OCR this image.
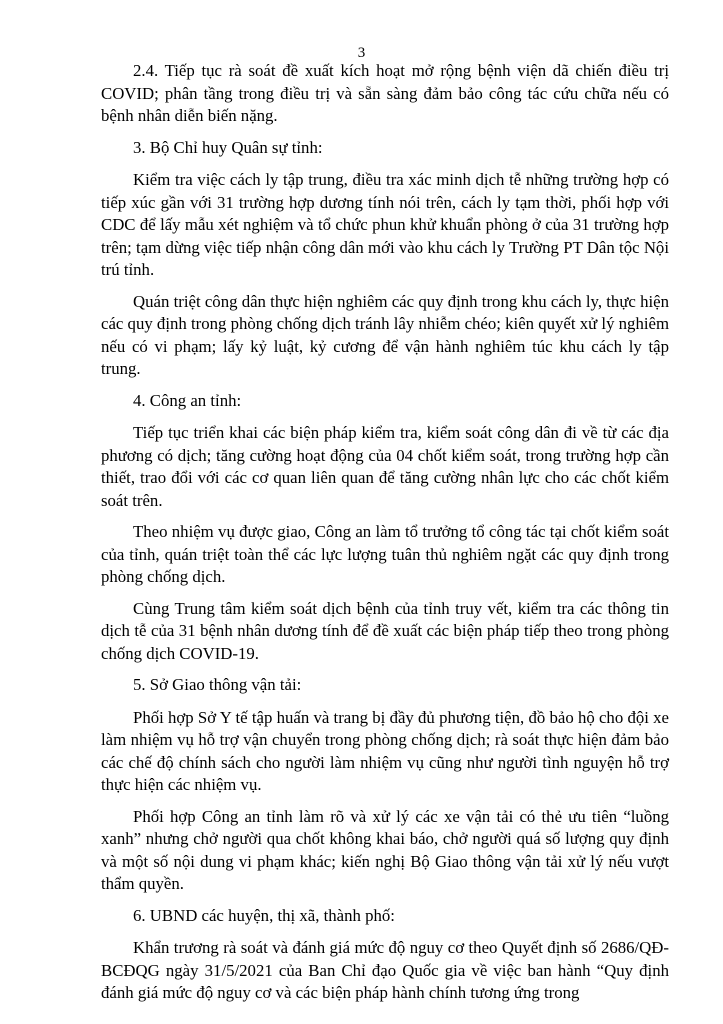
3

2.4. Tiếp tục rà soát đề xuất kích hoạt mở rộng bệnh viện dã chiến điều trị COVID; phân tầng trong điều trị và sẵn sàng đảm bảo công tác cứu chữa nếu có bệnh nhân diễn biến nặng.

3. Bộ Chỉ huy Quân sự tỉnh:

Kiểm tra việc cách ly tập trung, điều tra xác minh dịch tễ những trường hợp có tiếp xúc gần với 31 trường hợp dương tính nói trên, cách ly tạm thời, phối hợp với CDC để lấy mẫu xét nghiệm và tổ chức phun khử khuẩn phòng ở của 31 trường hợp trên; tạm dừng việc tiếp nhận công dân mới vào khu cách ly Trường PT Dân tộc Nội trú tỉnh.

Quán triệt công dân thực hiện nghiêm các quy định trong khu cách ly, thực hiện các quy định trong phòng chống dịch tránh lây nhiễm chéo; kiên quyết xử lý nghiêm nếu có vi phạm; lấy kỷ luật, kỷ cương để vận hành nghiêm túc khu cách ly tập trung.

4. Công an tỉnh:

Tiếp tục triển khai các biện pháp kiểm tra, kiểm soát công dân đi về từ các địa phương có dịch; tăng cường hoạt động của 04 chốt kiểm soát, trong trường hợp cần thiết, trao đổi với các cơ quan liên quan để tăng cường nhân lực cho các chốt kiểm soát trên.

Theo nhiệm vụ được giao, Công an làm tổ trưởng tổ công tác tại chốt kiểm soát của tỉnh, quán triệt toàn thể các lực lượng tuân thủ nghiêm ngặt các quy định trong phòng chống dịch.

Cùng Trung tâm kiểm soát dịch bệnh của tỉnh truy vết, kiểm tra các thông tin dịch tễ của 31 bệnh nhân dương tính để đề xuất các biện pháp tiếp theo trong phòng chống dịch COVID-19.

5. Sở Giao thông vận tải:

Phối hợp Sở Y tế tập huấn và trang bị đầy đủ phương tiện, đồ bảo hộ cho đội xe làm nhiệm vụ hỗ trợ vận chuyển trong phòng chống dịch; rà soát thực hiện đảm bảo các chế độ chính sách cho người làm nhiệm vụ cũng như người tình nguyện hỗ trợ thực hiện các nhiệm vụ.

Phối hợp Công an tỉnh làm rõ và xử lý các xe vận tải có thẻ ưu tiên “luồng xanh” nhưng chở người qua chốt không khai báo, chở người quá số lượng quy định và một số nội dung vi phạm khác; kiến nghị Bộ Giao thông vận tải xử lý nếu vượt thẩm quyền.

6. UBND các huyện, thị xã, thành phố:

Khẩn trương rà soát và đánh giá mức độ nguy cơ theo Quyết định số 2686/QĐ-BCĐQG ngày 31/5/2021 của Ban Chỉ đạo Quốc gia về việc ban hành “Quy định đánh giá mức độ nguy cơ và các biện pháp hành chính tương ứng trong
